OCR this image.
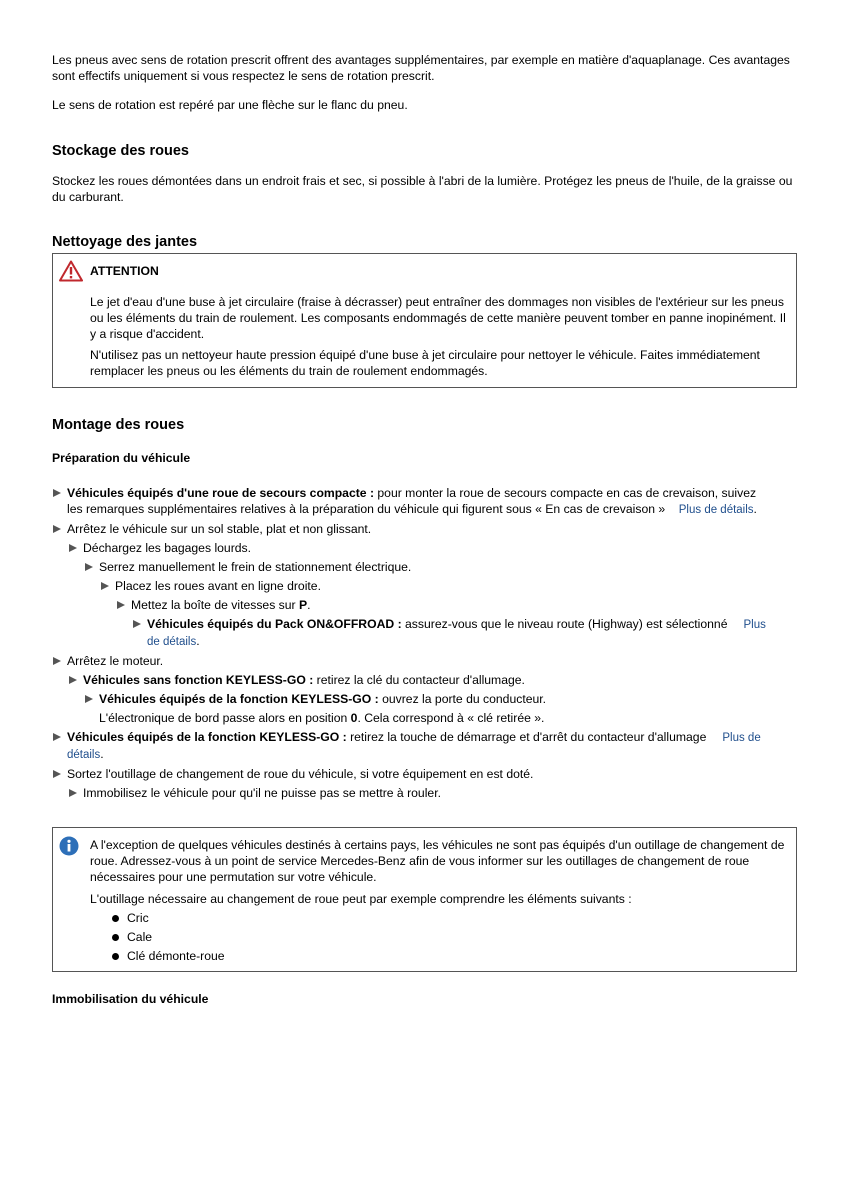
Les pneus avec sens de rotation prescrit offrent des avantages supplémentaires, par exemple en matière d'aquaplanage. Ces avantages sont effectifs uniquement si vous respectez le sens de rotation prescrit.

Le sens de rotation est repéré par une flèche sur le flanc du pneu.

Stockage des roues

Stockez les roues démontées dans un endroit frais et sec, si possible à l'abri de la lumière. Protégez les pneus de l'huile, de la graisse ou du carburant.

Nettoyage des jantes

ATTENTION

Le jet d'eau d'une buse à jet circulaire (fraise à décrasser) peut entraîner des dommages non visibles de l'extérieur sur les pneus ou les éléments du train de roulement. Les composants endommagés de cette manière peuvent tomber en panne inopinément. Il y a risque d'accident.

N'utilisez pas un nettoyeur haute pression équipé d'une buse à jet circulaire pour nettoyer le véhicule. Faites immédiatement remplacer les pneus ou les éléments du train de roulement endommagés.

Montage des roues
Préparation du véhicule
Véhicules équipés d'une roue de secours compacte : pour monter la roue de secours compacte en cas de crevaison, suivez
les remarques supplémentaires relatives à la préparation du véhicule qui figurent sous « En cas de crevaison » Plus de détails.
Arrêtez le véhicule sur un sol stable, plat et non glissant.
Déchargez les bagages lourds.
Serrez manuellement le frein de stationnement électrique.
Placez les roues avant en ligne droite.
Mettez la boîte de vitesses sur P.
Véhicules équipés du Pack ON&OFFROAD : assurez-vous que le niveau route (Highway) est sélectionné Plus
de détails.
Arrêtez le moteur.
Véhicules sans fonction KEYLESS-GO : retirez la clé du contacteur d'allumage.
Véhicules équipés de la fonction KEYLESS-GO : ouvrez la porte du conducteur.
L'électronique de bord passe alors en position 0. Cela correspond à « clé retirée ».
Véhicules équipés de la fonction KEYLESS-GO : retirez la touche de démarrage et d'arrêt du contacteur d'allumage Plus de
détails.
Sortez l'outillage de changement de roue du véhicule, si votre équipement en est doté.
Immobilisez le véhicule pour qu'il ne puisse pas se mettre à rouler.

A l'exception de quelques véhicules destinés à certains pays, les véhicules ne sont pas équipés d'un outillage de changement de roue. Adressez-vous à un point de service Mercedes-Benz afin de vous informer sur les outillages de changement de roue nécessaires pour une permutation sur votre véhicule.

L'outillage nécessaire au changement de roue peut par exemple comprendre les éléments suivants :

Cric
Cale
Clé démonte-roue
Immobilisation du véhicule
